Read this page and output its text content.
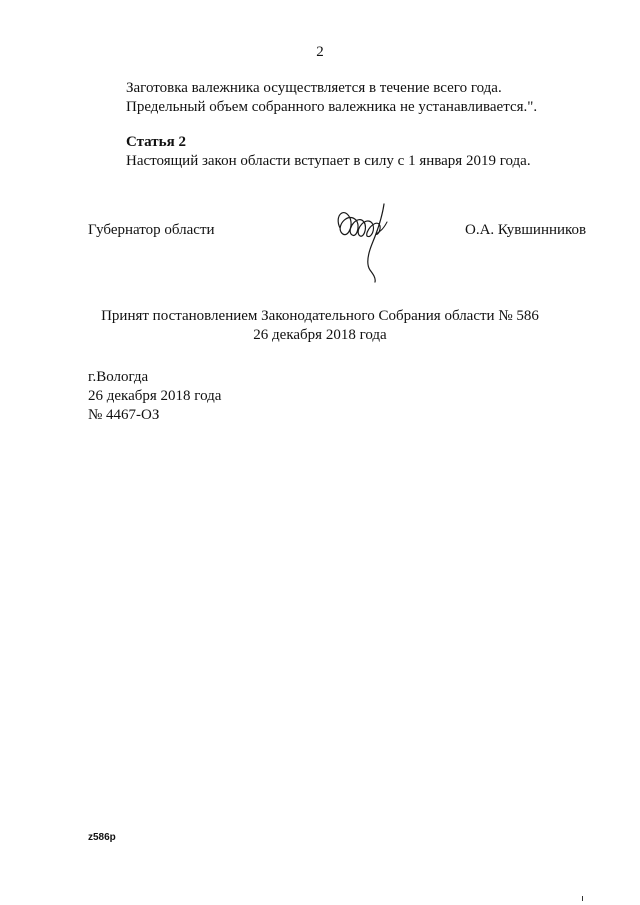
2
Заготовка валежника осуществляется в течение всего года.
Предельный объем собранного валежника не устанавливается.".
Статья 2
Настоящий закон области вступает в силу с 1 января 2019 года.
Губернатор области	О.А. Кувшинников
Принят постановлением Законодательного Собрания области № 586
26 декабря 2018 года
г.Вологда
26 декабря 2018 года
№ 4467-ОЗ
z586p
